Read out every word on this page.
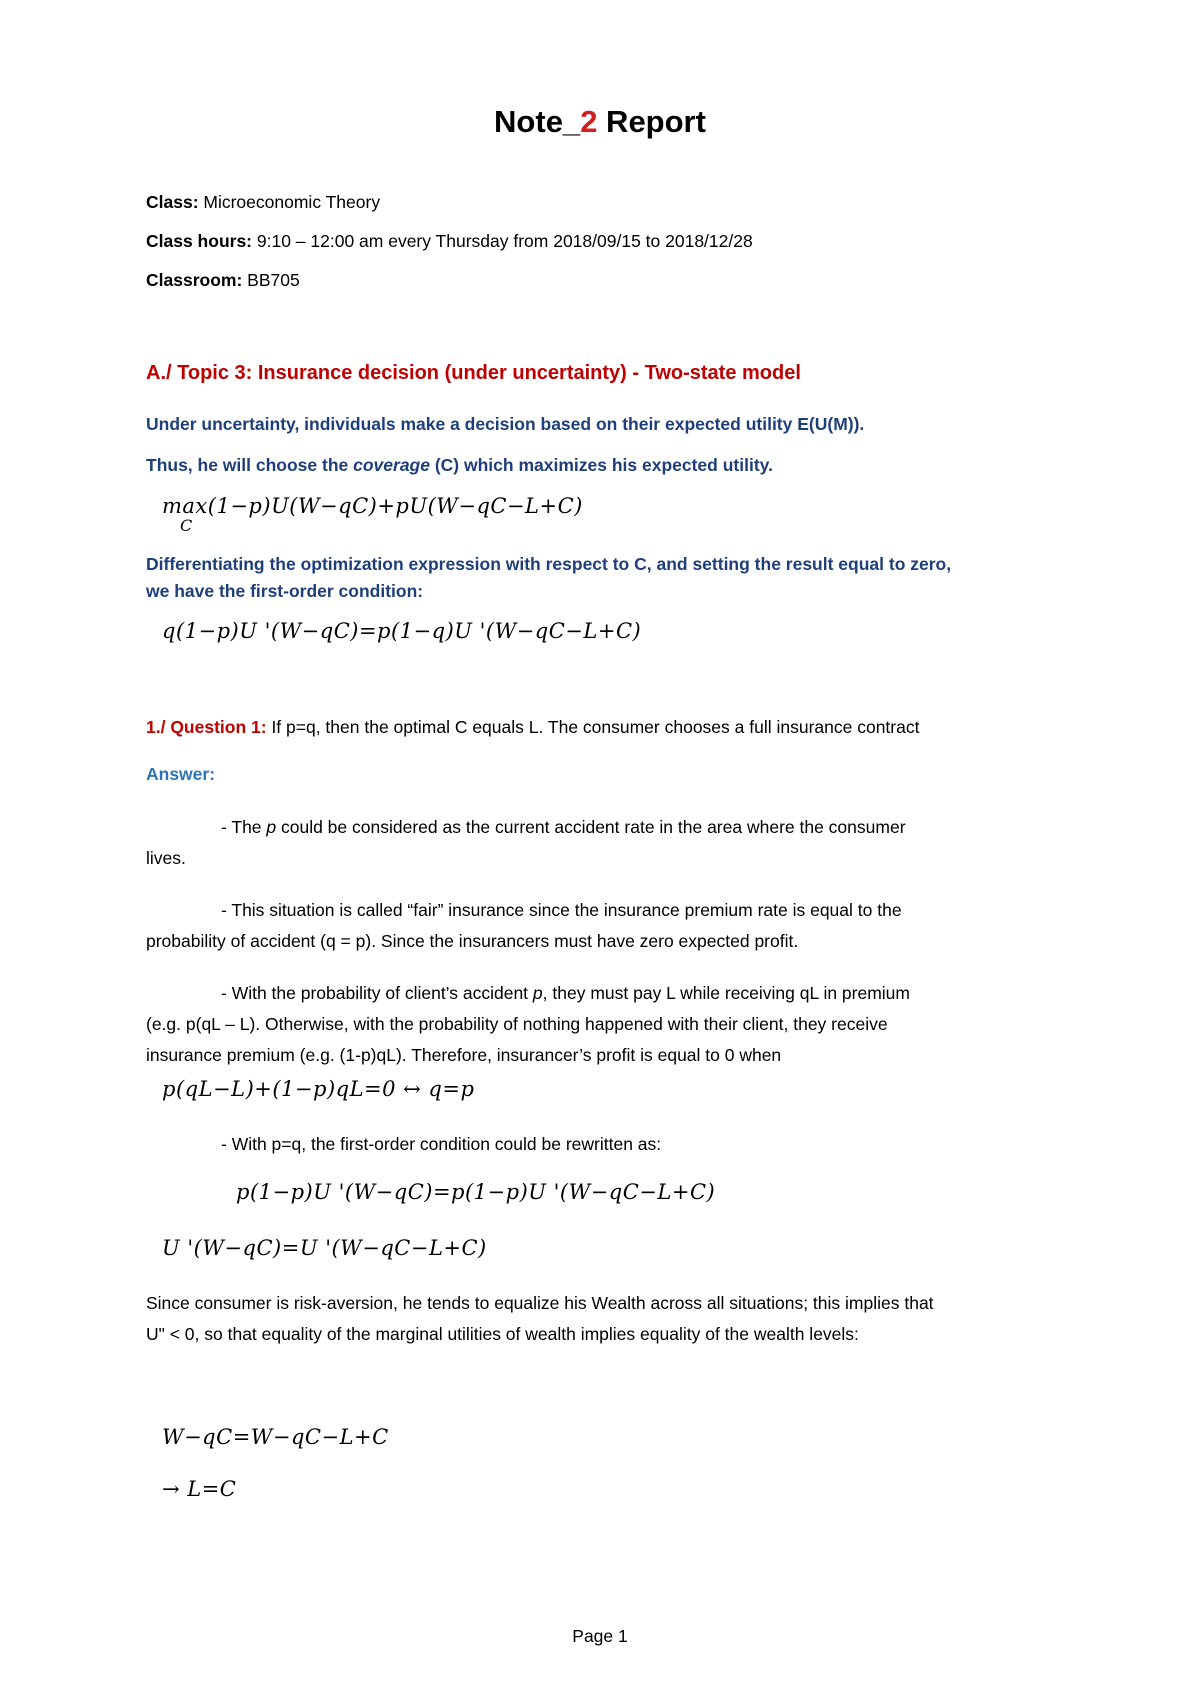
Note_2 Report
Class: Microeconomic Theory
Class hours: 9:10 – 12:00 am every Thursday from 2018/09/15 to 2018/12/28
Classroom: BB705
A./ Topic 3: Insurance decision (under uncertainty) - Two-state model
Under uncertainty, individuals make a decision based on their expected utility E(U(M)).
Thus, he will choose the coverage (C) which maximizes his expected utility.
max
C
(1−p)U(W−qC)+pU(W−qC−L+C)
Differentiating the optimization expression with respect to C, and setting the result equal to zero,
we have the first-order condition:
q(1−p)U '(W−qC)=p(1−q)U '(W−qC−L+C)
1./ Question 1: If p=q, then the optimal C equals L. The consumer chooses a full insurance contract
Answer:
- The p could be considered as the current accident rate in the area where the consumer
lives.
- This situation is called “fair” insurance since the insurance premium rate is equal to the
probability of accident (q = p). Since the insurancers must have zero expected profit.
- With the probability of client’s accident p, they must pay L while receiving qL in premium
(e.g. p(qL – L). Otherwise, with the probability of nothing happened with their client, they receive
insurance premium (e.g. (1-p)qL). Therefore, insurancer’s profit is equal to 0 when
p(qL−L)+(1−p)qL=0 ↔ q=p
- With p=q, the first-order condition could be rewritten as:
p(1−p)U '(W−qC)=p(1−p)U '(W−qC−L+C)
U '(W−qC)=U '(W−qC−L+C)
Since consumer is risk-aversion, he tends to equalize his Wealth across all situations; this implies that
U" < 0, so that equality of the marginal utilities of wealth implies equality of the wealth levels:
W−qC=W−qC−L+C
→ L=C
Page 1
